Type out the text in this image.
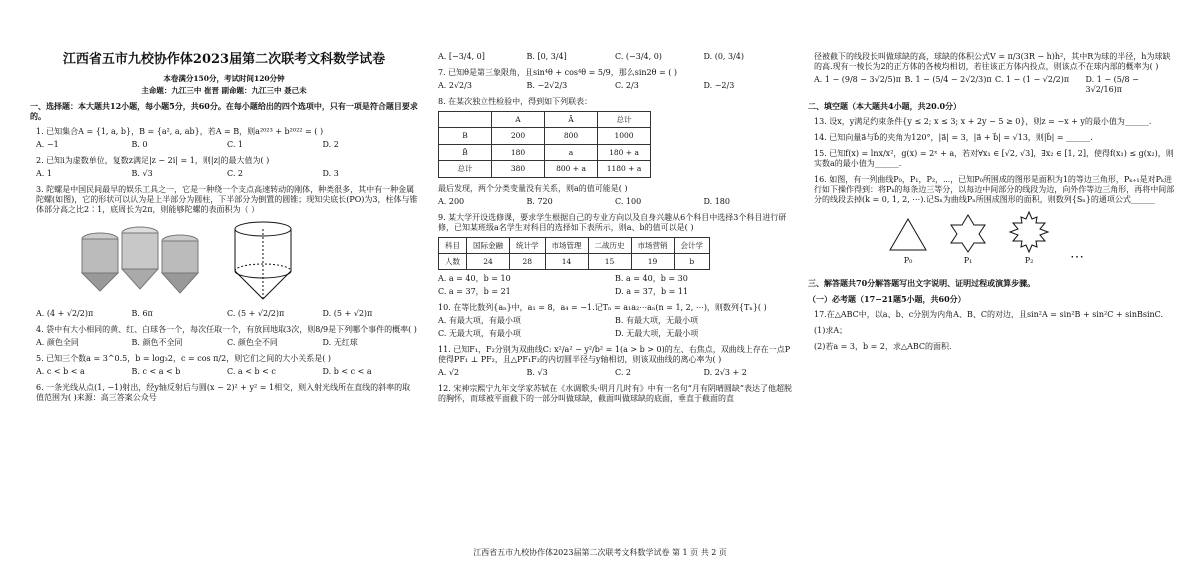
江西省五市九校协作体2023届第二次联考文科数学试卷
本卷满分150分，考试时间120分钟
主命题：九江三中 崔晋 副命题：九江三中 聂己未
一、选择题：本大题共12小题，每小题5分，共60分。在每小题给出的四个选项中，只有一项是符合题目要求的。
1. 已知集合A = {1, a, b}，B = {a², a, ab}，若A = B，则a²⁰²³ + b²⁰²² = ( )
A. −1	B. 0	C. 1	D. 2
2. 已知i为虚数单位，复数z满足|z − 2i| = 1，则|z|的最大值为( )
A. 1	B. √3	C. 2	D. 3
3. 陀螺是中国民间最早的娱乐工具之一，它是一种绕一个支点高速转动的刚体，种类很多，其中有一种金属陀螺(如图)，它的形状可以认为是上半部分为圆柱，下半部分为倒置的圆锥；现知尖底长(PO)为3，柱体与锥体部分高之比2∶1，底周长为2π，则能够陀螺的表面积为（ ）
A. (4 + √2/2)π	B. 6π	C. (5 + √2/2)π	D. (5 + √2)π
4. 袋中有大小相同的黄、红、白球各一个，每次任取一个，有放回地取3次，则8/9是下列哪个事件的概率( )
A. 颜色全同	B. 颜色不全同	C. 颜色全不同	D. 无红球
5. 已知三个数a = 3^0.5，b = log₃2，c = cos π/2，则它们之间的大小关系是( )
A. c < b < a	B. c < a < b	C. a < b < c	D. b < c < a
6. 一条光线从点(1, −1)射出，经y轴反射后与圆(x − 2)² + y² = 1相交，则入射光线所在直线的斜率的取值范围为( )来源：高三答案公众号
A. [−3/4, 0]	B. [0, 3/4]	C. (−3/4, 0)	D. (0, 3/4)
7. 已知θ是第三象限角，且sin⁴θ + cos⁴θ = 5/9，那么sin2θ = ( )
A. 2√2/3	B. −2√2/3	C. 2/3	D. −2/3
8. 在某次独立性检验中，得到如下列联表：
	A	Ā	总计
B	200	800	1000
B̄	180	a	180 + a
总计	380	800 + a	1180 + a
最后发现，两个分类变量没有关系，则a的值可能是( )
A. 200	B. 720	C. 100	D. 180
9. 某大学开设选修课，要求学生根据自己的专业方向以及自身兴趣从6个科目中选择3个科目进行研修，已知某班级a名学生对科目的选择如下表所示，则a、b的值可以是( )
科目	国际金融	统计学	市场管理	二战历史	市场营销	会计学
人数	24	28	14	15	19	b
A. a = 40，b = 10	B. a = 40，b = 30
C. a = 37，b = 21	D. a = 37，b = 11
10. 在等比数列{aₙ}中，a₁ = 8，a₄ = −1.记Tₙ = a₁a₂⋯aₙ(n = 1, 2, ⋯)，则数列{Tₙ}( )
A. 有最大项，有最小项	B. 有最大项，无最小项
C. 无最大项，有最小项	D. 无最大项，无最小项
11. 已知F₁，F₂分别为双曲线C: x²/a² − y²/b² = 1(a > b > 0)的左、右焦点，双曲线上存在一点P使得PF₁ ⊥ PF₂，且△PF₁F₂的内切圆半径与y轴相切，则该双曲线的离心率为( )
A. √2	B. √3	C. 2	D. 2√3 + 2
12. 宋神宗熙宁九年文学家苏轼在《水调歌头·明月几时有》中有一名句“月有阴晴圆缺”表达了他超脱的胸怀，而球被平面截下的一部分叫做球缺，截面叫做球缺的底面，垂直于截面的直
径被截下的线段长叫做球缺的高，球缺的体积公式V = π/3(3R − h)h²，其中R为球的半径，h为球缺的高.现有一棱长为2的正方体的各棱均相切，若往该正方体内投点，则该点不在球内部的概率为( )
A. 1 − (9/8 − 3√2/5)π B. 1 − (5/4 − 2√2/3)π C. 1 − (1 − √2/2)π	D. 1 − (5/8 − 3√2/16)π
二、填空题（本大题共4小题，共20.0分）
13. 设x，y满足约束条件{y ≤ 2; x ≤ 3; x + 2y − 5 ≥ 0}，则z = −x + y的最小值为______.
14. 已知向量a⃗与b⃗的夹角为120°，|a⃗| = 3，|a⃗ + b⃗| = √13，则|b⃗| = ______.
15. 已知f(x) = lnx/x²，g(x) = 2ˣ + a，若对∀x₁ ∈ [√2, √3]，∃x₂ ∈ [1, 2]，使得f(x₁) ≤ g(x₂)，则实数a的最小值为______.
16. 如图，有一列曲线P₀，P₁，P₂，⋯，已知P₀所围成的图形是面积为1的等边三角形，Pₖ₊₁是对Pₖ进行如下操作得到：将Pₖ的每条边三等分，以每边中间部分的线段为边，向外作等边三角形，再将中间部分的线段去掉(k = 0, 1, 2, ⋯).记Sₙ为曲线Pₙ所围成图形的面积，则数列{Sₙ}的通项公式______
P₀	P₁	P₂	⋯
三、解答题共70分解答题写出文字说明、证明过程或演算步骤。
（一）必考题（17−21题5小题，共60分）
17.在△ABC中，以a、b、c分别为内角A、B、C的对边，且sin²A = sin²B + sin²C + sinBsinC.
(1)求A；
(2)若a = 3，b = 2，求△ABC的面积.
江西省五市九校协作体2023届第二次联考文科数学试卷 第 1 页 共 2 页
